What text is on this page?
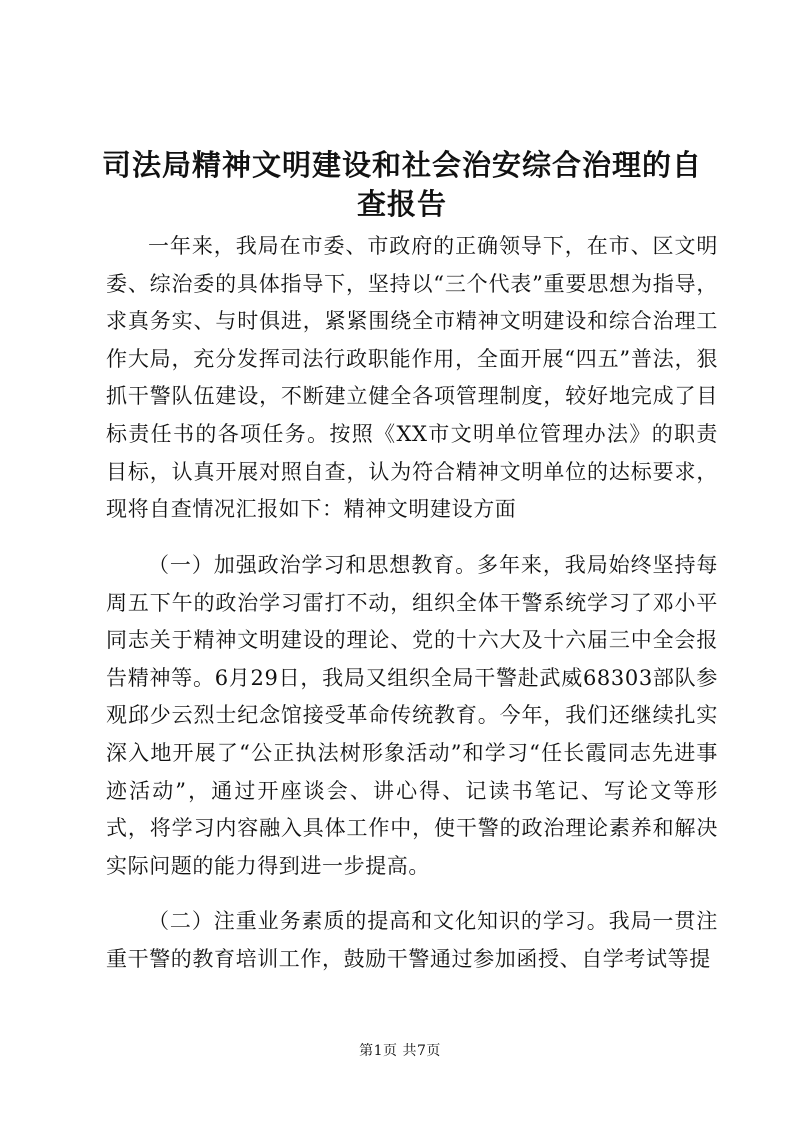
司法局精神文明建设和社会治安综合治理的自查报告

一年来，我局在市委、市政府的正确领导下，在市、区文明委、综治委的具体指导下，坚持以“三个代表”重要思想为指导，求真务实、与时俱进，紧紧围绕全市精神文明建设和综合治理工作大局，充分发挥司法行政职能作用，全面开展“四五”普法，狠抓干警队伍建设，不断建立健全各项管理制度，较好地完成了目标责任书的各项任务。按照《XX市文明单位管理办法》的职责目标，认真开展对照自查，认为符合精神文明单位的达标要求，现将自查情况汇报如下：精神文明建设方面

（一）加强政治学习和思想教育。多年来，我局始终坚持每周五下午的政治学习雷打不动，组织全体干警系统学习了邓小平同志关于精神文明建设的理论、党的十六大及十六届三中全会报告精神等。6月29日，我局又组织全局干警赴武威68303部队参观邱少云烈士纪念馆接受革命传统教育。今年，我们还继续扎实深入地开展了“公正执法树形象活动”和学习“任长霞同志先进事迹活动”，通过开座谈会、讲心得、记读书笔记、写论文等形式，将学习内容融入具体工作中，使干警的政治理论素养和解决实际问题的能力得到进一步提高。

（二）注重业务素质的提高和文化知识的学习。我局一贯注重干警的教育培训工作，鼓励干警通过参加函授、自学考试等提

第1页 共7页
